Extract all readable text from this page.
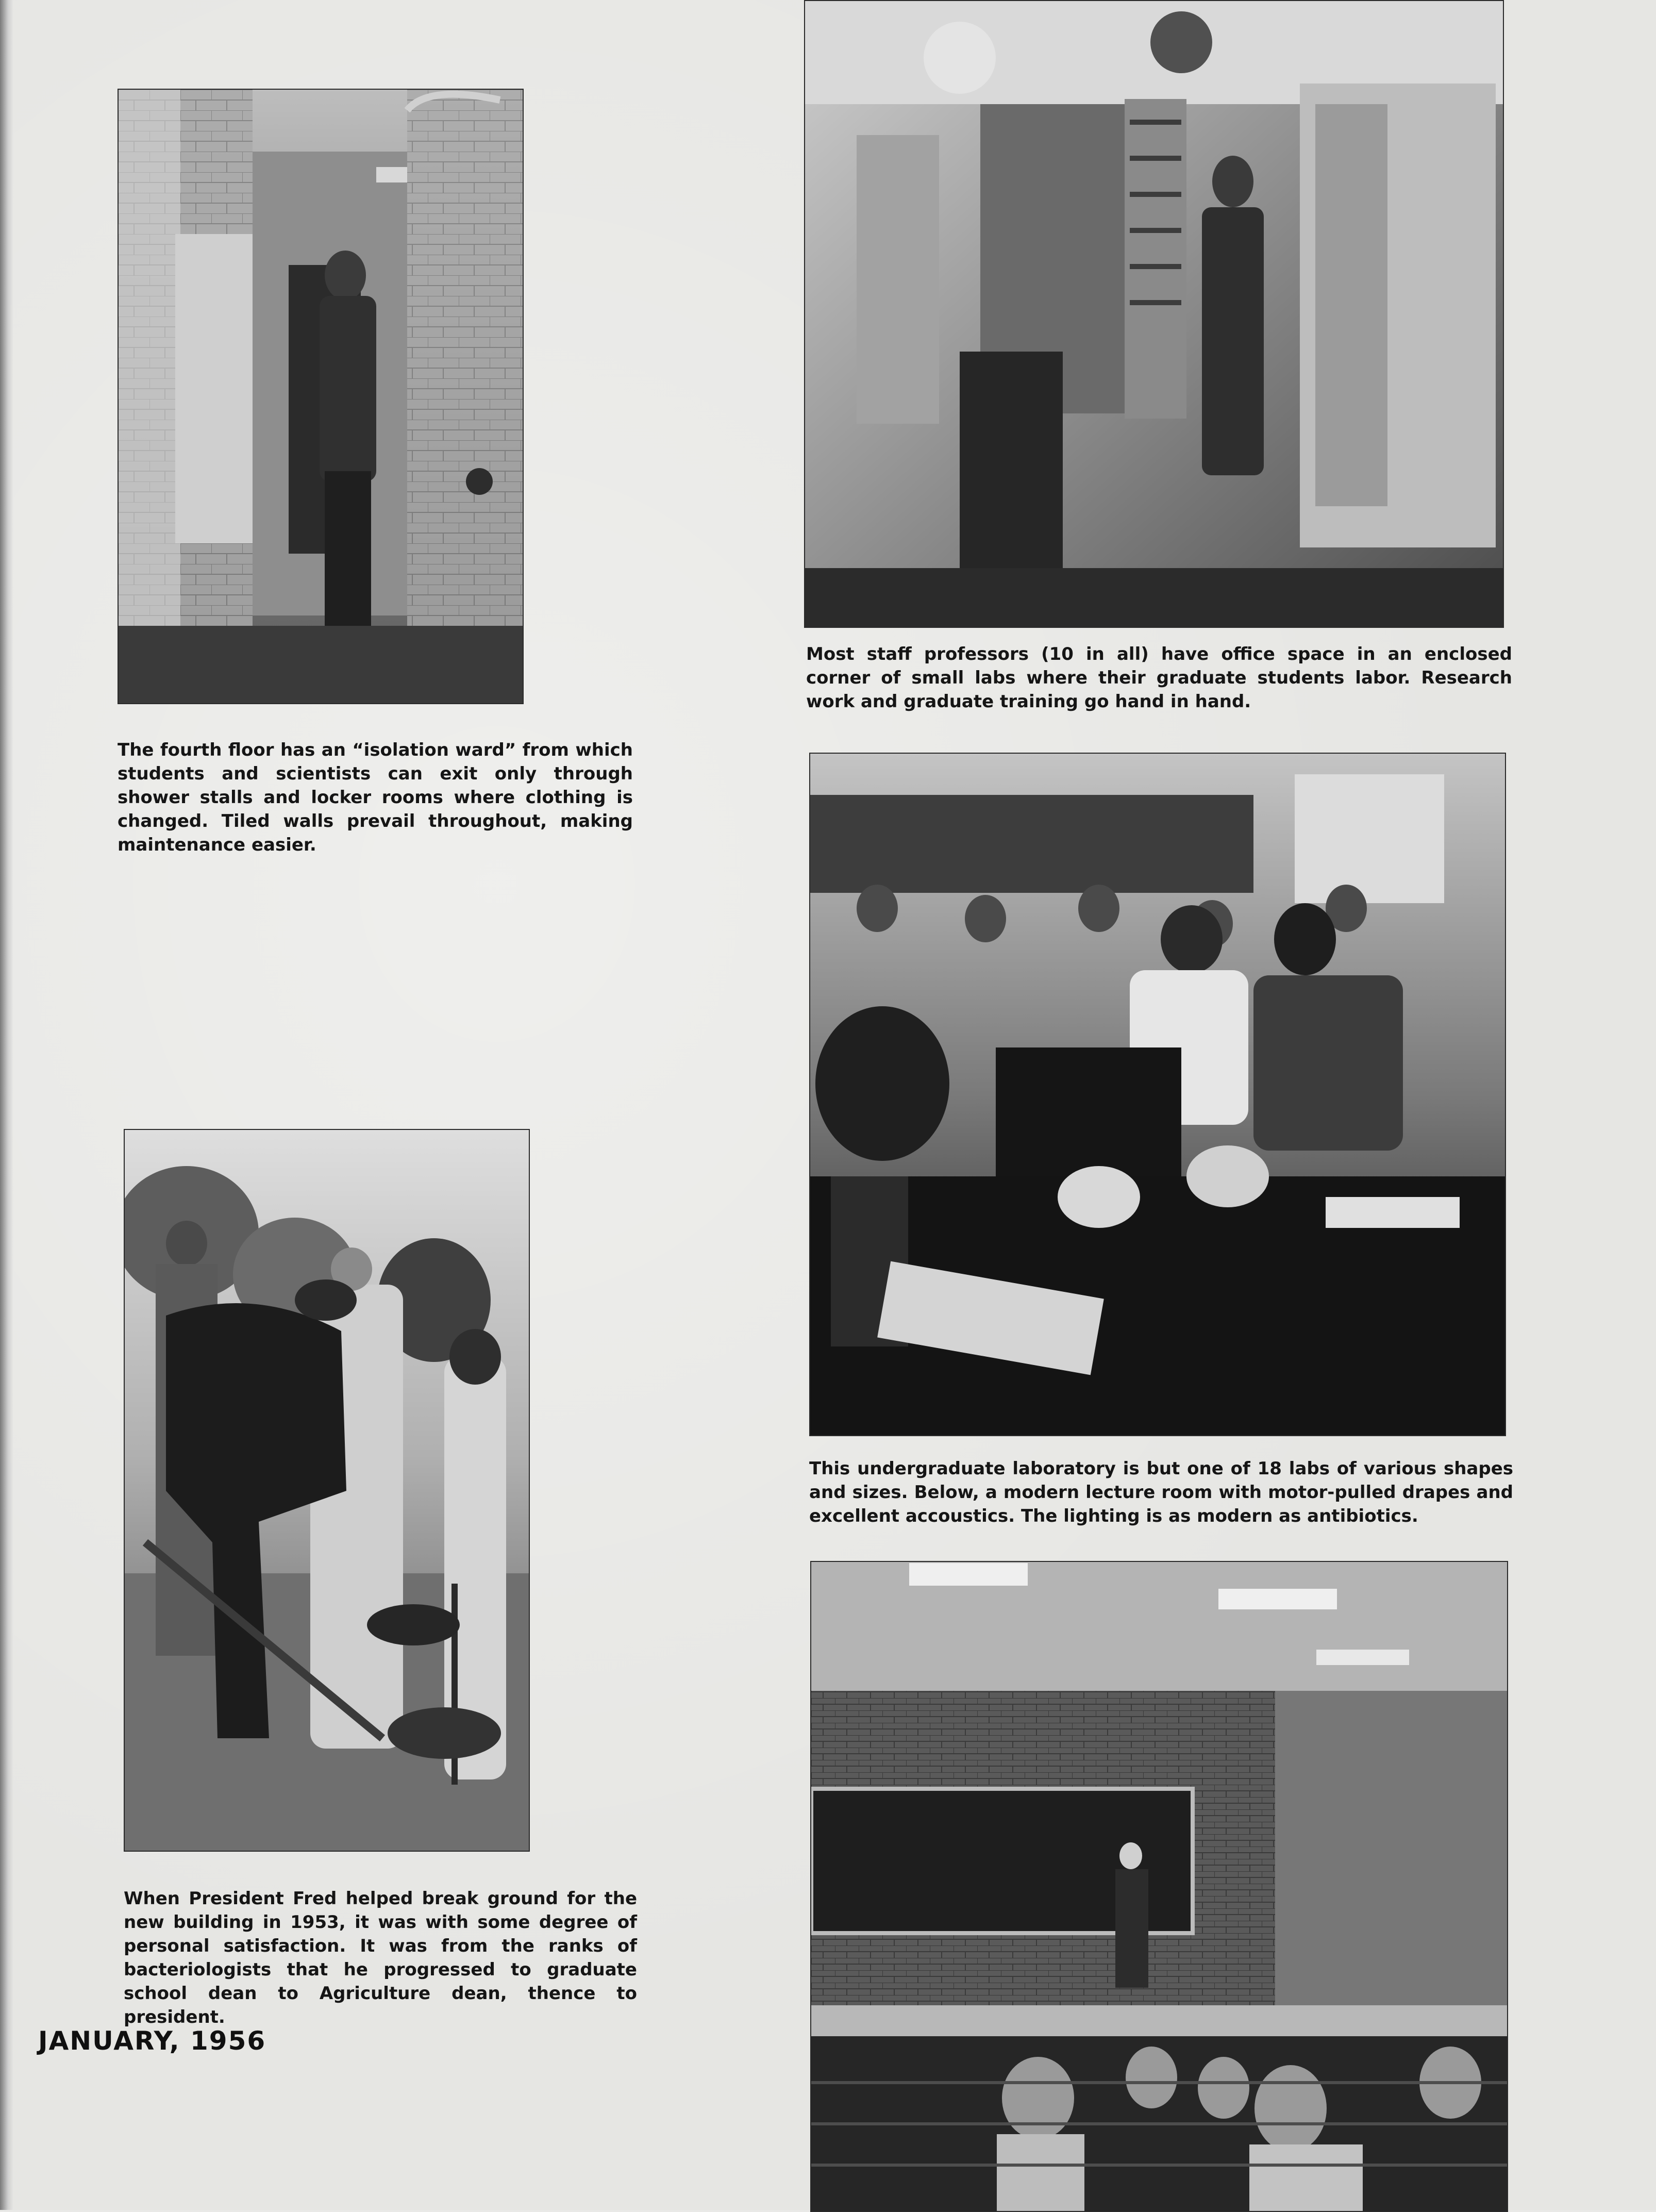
The fourth floor has an “isolation ward” from which students and scientists can exit only through shower stalls and locker rooms where clothing is changed. Tiled walls prevail throughout, making maintenance easier.

Most staff professors (10 in all) have office space in an enclosed corner of small labs where their graduate students labor. Research work and graduate training go hand in hand.

This undergraduate laboratory is but one of 18 labs of various shapes and sizes. Below, a modern lecture room with motor-pulled drapes and excellent accoustics. The lighting is as modern as antibiotics.

When President Fred helped break ground for the new building in 1953, it was with some degree of personal satisfaction. It was from the ranks of bacteriologists that he progressed to graduate school dean to Agriculture dean, thence to president.

JANUARY, 1956
